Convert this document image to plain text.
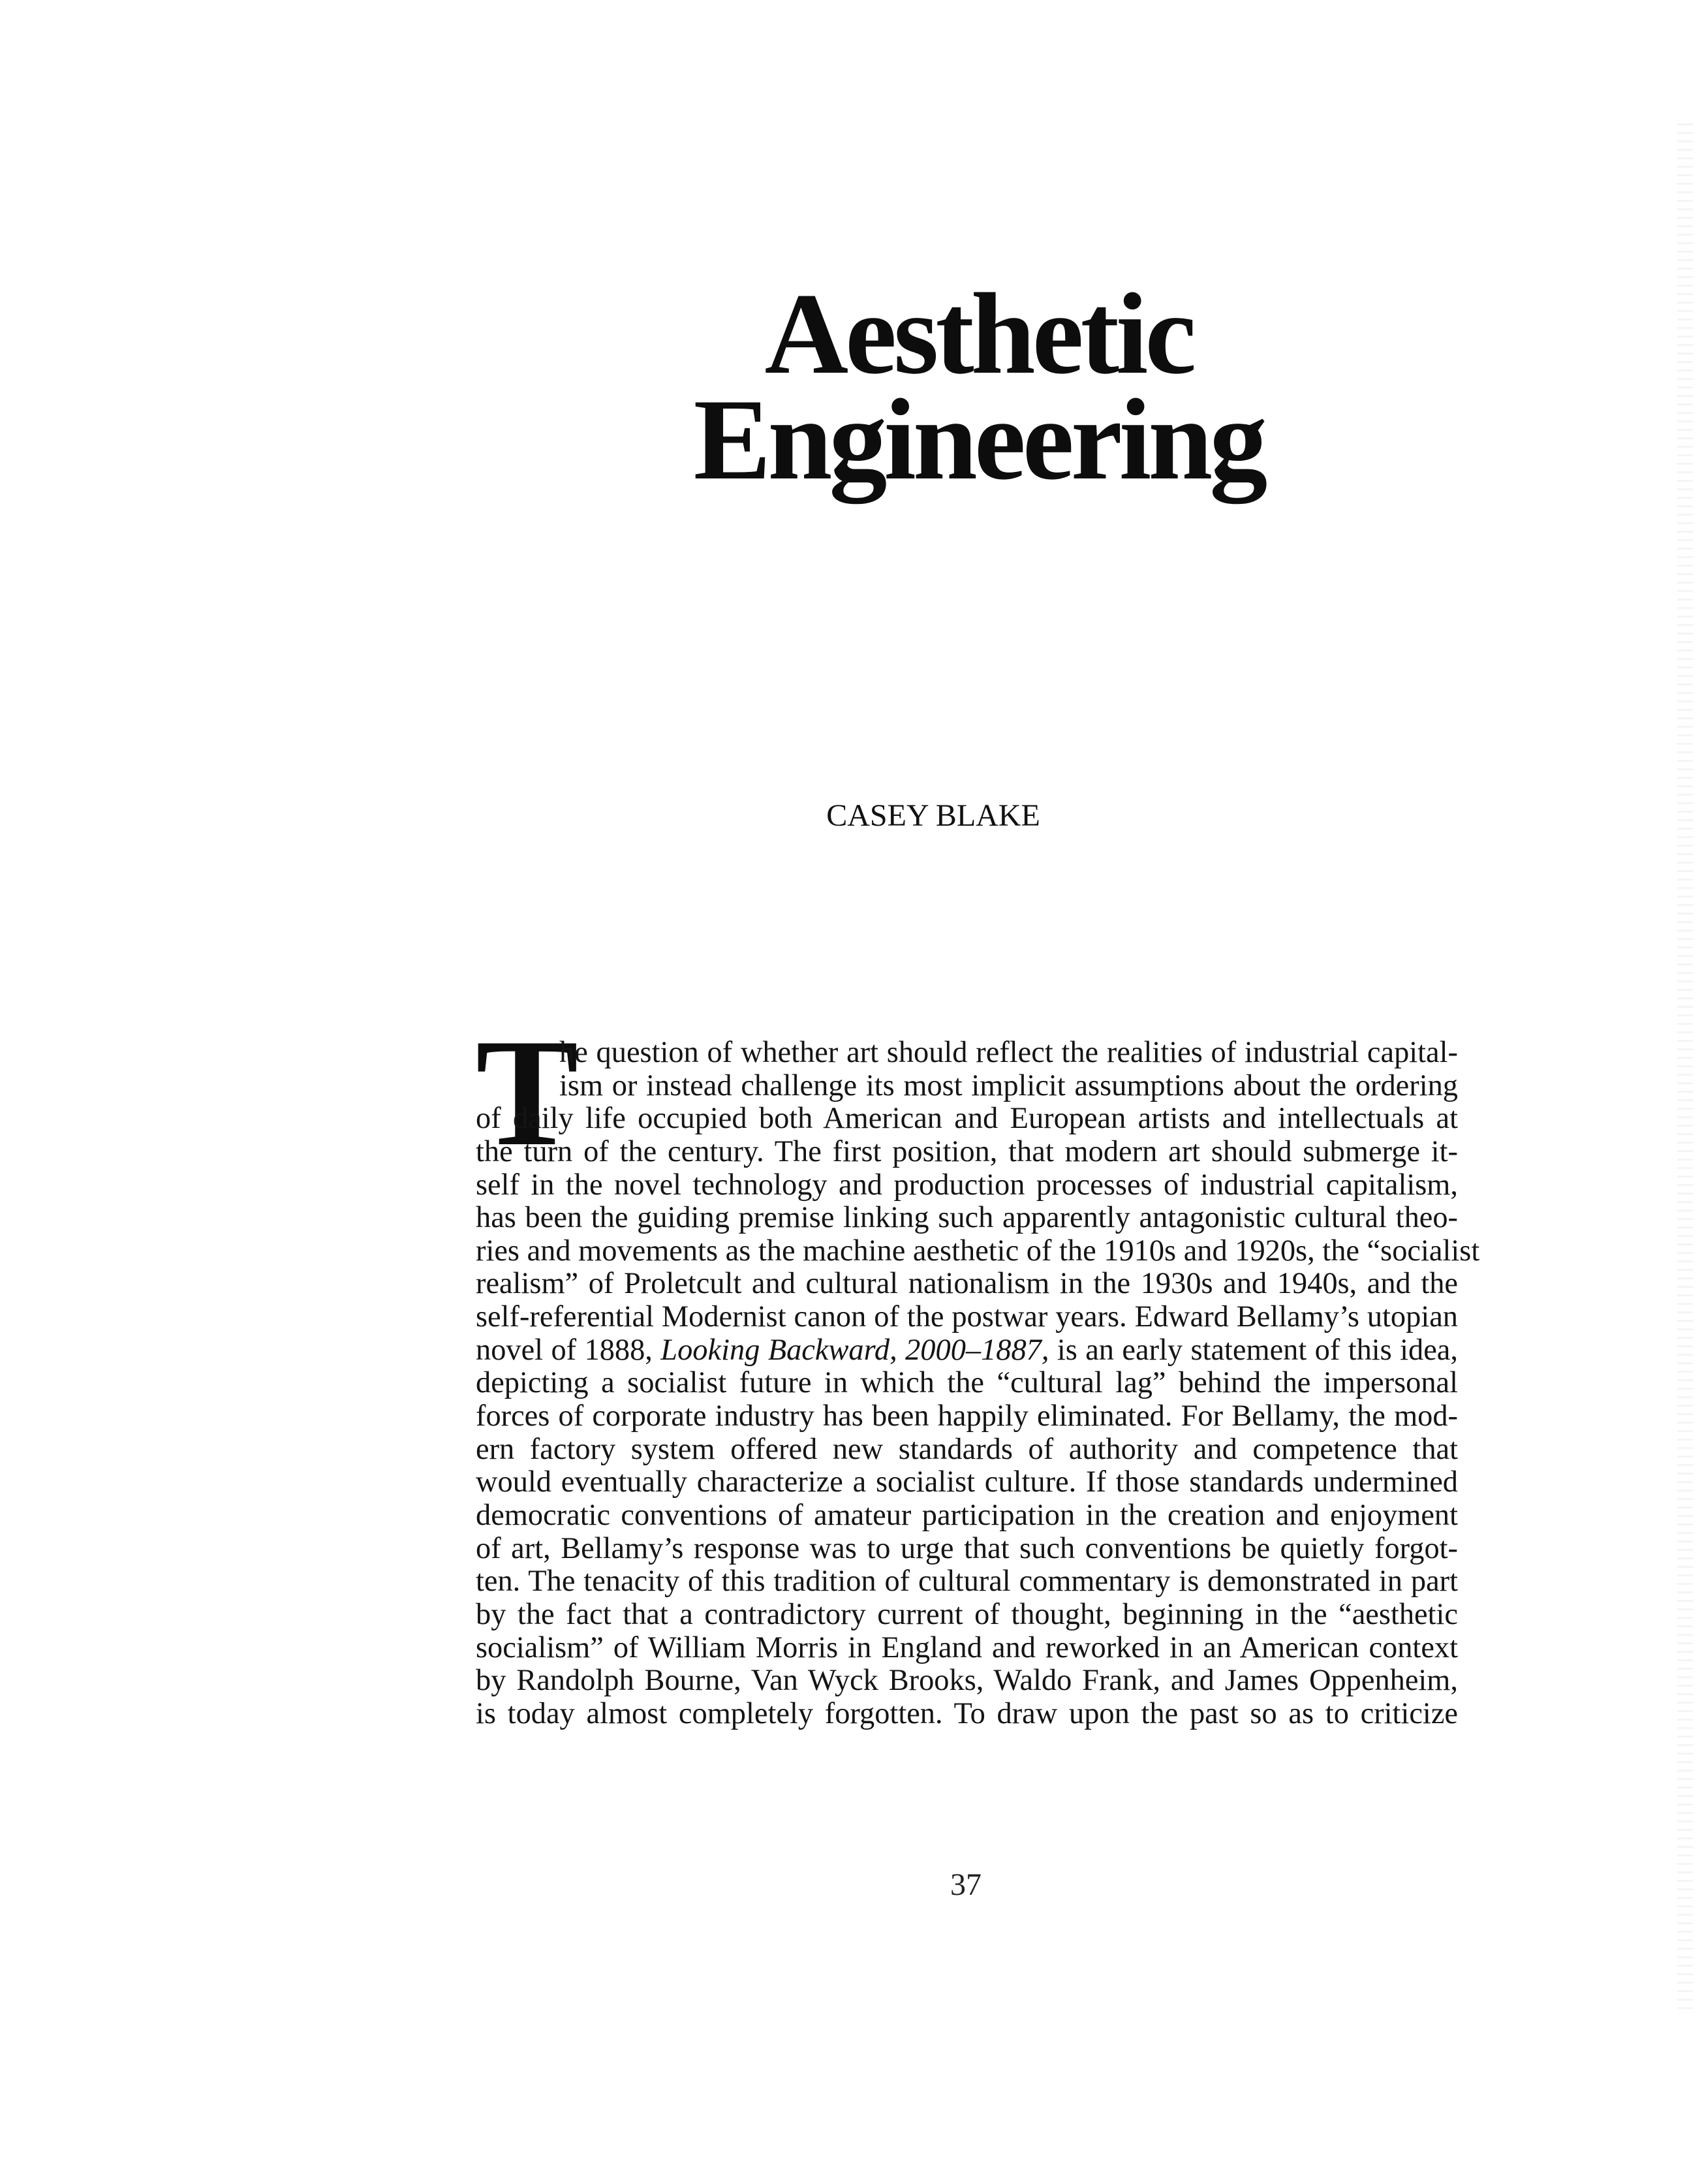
Aesthetic
Engineering
CASEY BLAKE
T
he question of whether art should reflect the realities of industrial capital-
ism or instead challenge its most implicit assumptions about the ordering
of daily life occupied both American and European artists and intellectuals at
the turn of the century. The first position, that modern art should submerge it-
self in the novel technology and production processes of industrial capitalism,
has been the guiding premise linking such apparently antagonistic cultural theo-
ries and movements as the machine aesthetic of the 1910s and 1920s, the “socialist
realism” of Proletcult and cultural nationalism in the 1930s and 1940s, and the
self-referential Modernist canon of the postwar years. Edward Bellamy’s utopian
novel of 1888, Looking Backward, 2000–1887, is an early statement of this idea,
depicting a socialist future in which the “cultural lag” behind the impersonal
forces of corporate industry has been happily eliminated. For Bellamy, the mod-
ern factory system offered new standards of authority and competence that
would eventually characterize a socialist culture. If those standards undermined
democratic conventions of amateur participation in the creation and enjoyment
of art, Bellamy’s response was to urge that such conventions be quietly forgot-
ten. The tenacity of this tradition of cultural commentary is demonstrated in part
by the fact that a contradictory current of thought, beginning in the “aesthetic
socialism” of William Morris in England and reworked in an American context
by Randolph Bourne, Van Wyck Brooks, Waldo Frank, and James Oppenheim,
is today almost completely forgotten. To draw upon the past so as to criticize
37
